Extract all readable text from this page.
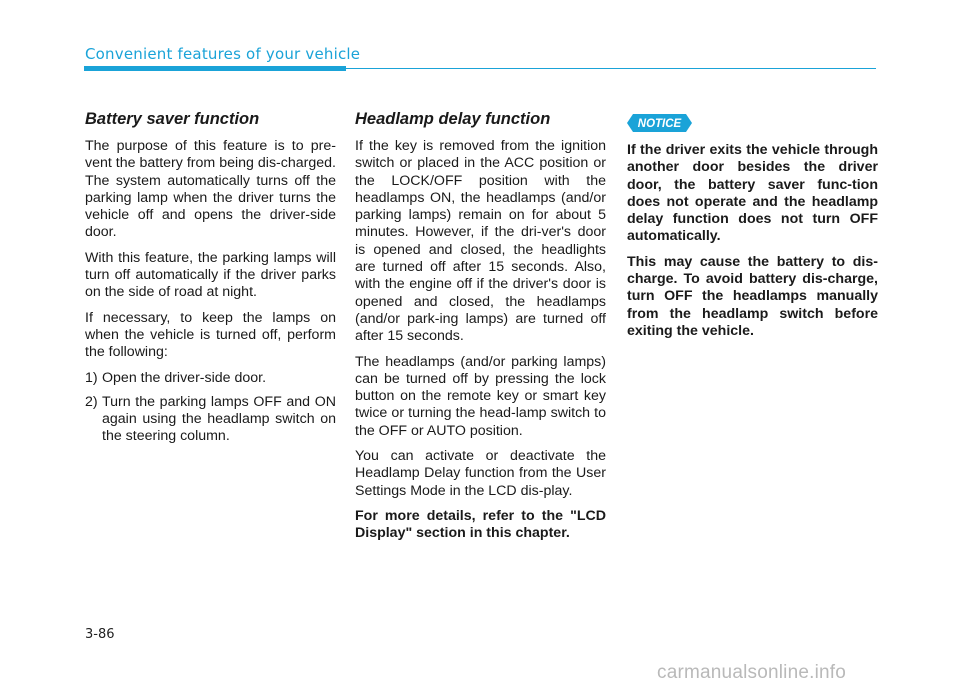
Convenient features of your vehicle
Battery saver function

The purpose of this feature is to pre-vent the battery from being dis-charged. The system automatically turns off the parking lamp when the driver turns the vehicle off and opens the driver-side door.

With this feature, the parking lamps will turn off automatically if the driver parks on the side of road at night.

If necessary, to keep the lamps on when the vehicle is turned off, perform the following:

1) Open the driver-side door.
2) Turn the parking lamps OFF and ON again using the headlamp switch on the steering column.
Headlamp delay function

If the key is removed from the ignition switch or placed in the ACC position or the LOCK/OFF position with the headlamps ON, the headlamps (and/or parking lamps) remain on for about 5 minutes. However, if the dri-ver's door is opened and closed, the headlights are turned off after 15 seconds. Also, with the engine off if the driver's door is opened and closed, the headlamps (and/or park-ing lamps) are turned off after 15 seconds.

The headlamps (and/or parking lamps) can be turned off by pressing the lock button on the remote key or smart key twice or turning the head-lamp switch to the OFF or AUTO position.

You can activate or deactivate the Headlamp Delay function from the User Settings Mode in the LCD dis-play.

For more details, refer to the "LCD Display" section in this chapter.

NOTICE

If the driver exits the vehicle through another door besides the driver door, the battery saver func-tion does not operate and the headlamp delay function does not turn OFF automatically.

This may cause the battery to dis-charge. To avoid battery dis-charge, turn OFF the headlamps manually from the headlamp switch before exiting the vehicle.

3-86
carmanualsonline.info
